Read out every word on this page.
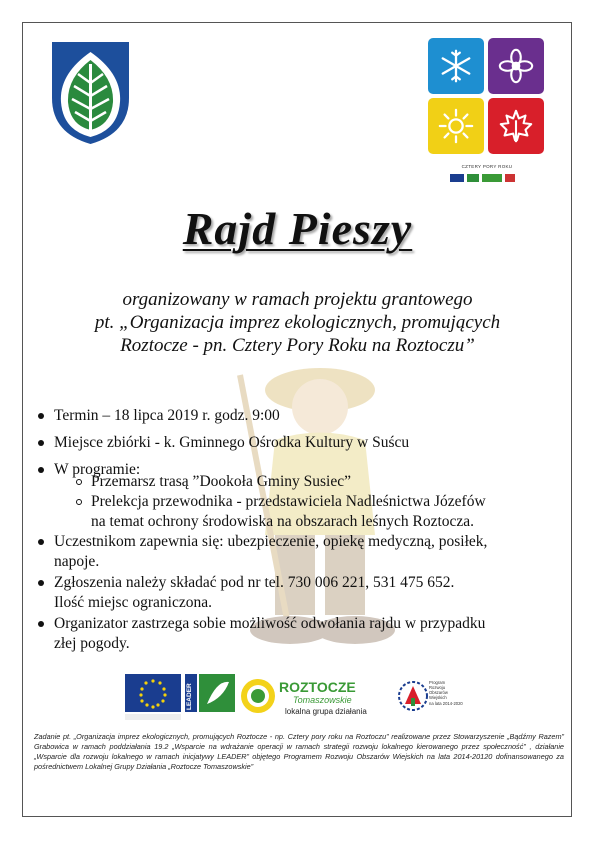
CZTERY PORY ROKU
Rajd Pieszy
organizowany w ramach projektu grantowego
pt. „Organizacja imprez ekologicznych, promujących
Roztocze - pn. Cztery Pory Roku na Roztoczu”
Termin – 18 lipca 2019 r. godz. 9:00
Miejsce zbiórki - k. Gminnego Ośrodka Kultury w Suścu
W programie:
Przemarsz trasą ”Dookoła Gminy Susiec”
Prelekcja przewodnika - przedstawiciela Nadleśnictwa Józefów
na temat ochrony środowiska na obszarach leśnych Roztocza.
Uczestnikom zapewnia się: ubezpieczenie, opiekę medyczną, posiłek,
napoje.
Zgłoszenia należy składać pod nr tel. 730 006 221, 531 475 652.
Ilość miejsc ograniczona.
Organizator zastrzega sobie możliwość odwołania rajdu w przypadku
złej pogody.
LEADER	ROZTOCZE
Tomaszowskie
lokalna grupa działania
Program
Rozwoju
Obszarów
Wiejskich
na lata 2014-2020
Zadanie pt. „Organizacja imprez ekologicznych, promujących Roztocze - np. Cztery pory roku na Roztoczu” realizowane przez Stowarzyszenie „Bądźmy Razem” Grabowica w ramach poddziałania 19.2 „Wsparcie na wdrażanie operacji w ramach strategii rozwoju lokalnego kierowanego przez społeczność” , działanie „Wsparcie dla rozwoju lokalnego w ramach inicjatywy LEADER” objętego Programem Rozwoju Obszarów Wiejskich na lata 2014-20120 dofinansowanego za pośrednictwem Lokalnej Grupy Działania „Roztocze Tomaszowskie”
